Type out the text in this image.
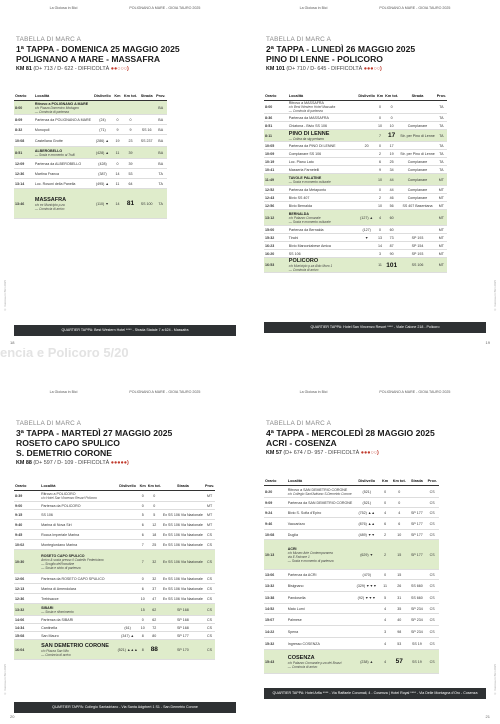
La Gioiosa in Bici	POLIGNANO A MARE - GIOIA TAURO 2025
TABELLA DI MARC A
1ª TAPPA - DOMENICA 25 MAGGIO 2025
POLIGNANO A MARE - MASSAFRA
KM 81 (D+ 713 / D- 622 - DIFFICOLTÀ ●●○○○)
Orario	Località	Dislivello	Km	Km tot.	Strada	Prov.
8:00	Ritrovo a POLIGNANO A MARE
c/o Piazza Domenico Modugno
— Comincia di partenza					BA
8:09	Partenza da POLIGNANO A MARE	(24)	0	0		BA
8:32	Monopoli	(71)	9	9	SS 16	BA
10:08	Castellana Grotte	(286) ▲	19	23	SS 237	BA
8:51	ALBEROBELLO
— Sosta e momento ai Trulli	(428) ▲	11	39		BA
12:09	Partenza da ALBEROBELLO	(428)	0	39		BA
12:36	Martina Franca	(387)	14	53		TA
13:14	Loc. Rosoni della Panella	(495) ▲	11	64		TA
13:46	MASSAFRA
c/o ex Municipio p.za
— Comincia di arrivo	(110) ▼	14	81	SS 100	TA
QUARTIER TAPPA: Best Western Hotel **** - Strada Statale 7 a 624 - Massafra
18
© Gioiosa in Bici 2025
La Gioiosa in Bici	POLIGNANO A MARE - GIOIA TAURO 2025
TABELLA DI MARC A
2ª TAPPA - LUNEDÌ 26 MAGGIO 2025
PINO DI LENNE - POLICORO
KM 101 (D+ 710 / D- 645 - DIFFICOLTÀ ●●●○○)
Orario	Località	Dislivello	Km	Km tot.	Strada	Prov.
8:00	Ritrovo a MASSAFRA
c/o Best Western Hotel Massafra
— Comincia di partenza		0	0		TA
8:36	Partenza da MASSAFRA		0	0		TA
8:51	Chiatona - Bivio SS 106		10	10	Complanare	TA
8:11	PINO DI LENNE
— Colina da stg pertamo		7	17	Str. per Pino di Lenne	TA
10:05	Partenza da PINO DI LENNE	20	0	17		TA
10:09	Complanare SS 106		2	19	Str. per Pino di Lenne	TA
10:19	Loc. Pianu Lato		6	25	Complanare	TA
10:41	Masseria Farnetelli		9	34	Complanare	TA
11:49	TAVOLE PALATINE
— Sosta e momento culturale		10	44	Complanare	MT
12:52	Partenza da Metaponto		0	44	Complanare	MT
12:43	Bivio SS 407		2	46	Complanare	MT
12:56	Bivio Bernalda		10	56	SS 407 Basentana	MT
13:12	BERNALDA
c/o Palazzo Comunale
— Sosta e momento culturale	(127) ▲	4	60		MT
15:00	Partenza da Bernalda	(127)	0	60		MT
15:32	Tinchi	▼	13	73	SP 193	MT
16:23	Bivio Marconiabese Amica		14	87	SP 154	MT
16:20	SS 106		3	90	SP 193	MT
16:53	POLICORO
c/o Municipio p.za Aldo Moro 1
— Comincia di arrivo		11	101	SS 106	MT
QUARTIER TAPPA: Hotel San Vincenzo Resort **** - Viale Calone 218 - Policoro
19
© Gioiosa in Bici 2025
encia e Policoro 5/20
La Gioiosa in Bici	POLIGNANO A MARE - GIOIA TAURO 2025
TABELLA DI MARC A
3ª TAPPA - MARTEDÌ 27 MAGGIO 2025
ROSETO CAPO SPULICO
S. DEMETRIO CORONE
KM 88 (D+ 597 / D- 109 - DIFFICOLTÀ ●●●●●)
Orario	Località	Dislivello	Km	Km tot.	Strada	Prov.
8:39	Ritrovo a POLICORO
c/o Hotel San Vincenzo Resort Policoro		0	0		MT
9:00	Partenza da POLICORO		0	0		MT
9:15	SS 106		5	5	Ex SS 106 Via Nazionale	MT
9:40	Marina di Nova Siri		6	12	Ex SS 106 Via Nazionale	MT
9:45	Rocca Imperiale Marina		6	18	Ex SS 106 Via Nazionale	CS
10:02	Montegiordano Marina		7	25	Ex SS 106 Via Nazionale	CS
10:30	ROSETO CAPO SPULICO
Arrivo & sosta presso il Castello Federiciano
— Scoglio dell'Incudine
— Sosta e stoto di partenza		7	32	Ex SS 106 Via Nazionale	CS
12:06	Partenza da ROSETO CAPO SPULICO		0	32	Ex SS 106 Via Nazionale	CS
12:13	Marina di Amendolara		6	37	Ex SS 106 Via Nazionale	CS
12:36	Trebisacce		10	47	Ex SS 106 Via Nazionale	CS
13:32	SIBARI
— Sosta e rifornimento		15	62	SP 168	CS
14:06	Partenza da SIBARI		0	62	SP 168	CS
14:34	Cantinella	(61)	10	72	SP 168	CS
15:08	San Mauro	(347) ▲	8	80	SP 177	CS
16:04	SAN DEMETRIO CORONE
c/o Piazza San Nilo
— Comincia di arrivo	(521) ▲▲▲	8	88	SP 170	CS
QUARTIER TAPPA: Collegio Santadriano - Via Santa Adgrbert 1 S1 - San Demetrio Corone
20
© Gioiosa in Bici 2025
La Gioiosa in Bici	POLIGNANO A MARE - GIOIA TAURO 2025
TABELLA DI MARC A
4ª TAPPA - MERCOLEDÌ 28 MAGGIO 2025
ACRI - COSENZA
KM 57 (D+ 674 / D- 957 - DIFFICOLTÀ ●●●○○)
Orario	Località	Dislivello	Km	Km tot.	Strada	Prov.
8:20	Ritrovo a SAN DEMETRIO CORONE
c/o Collegio Sant'Adriano S.Demetrio Corone	(521)	0	0		CS
9:09	Partenza da SAN DEMETRIO CORONE	(521)	0	0		CS
9:24	Bivio S. Sofia d'Epiro	(752) ▲▲	4	4	SP 177	CS
9:46	Vaccarizzo	(876) ▲▲	6	6	SP 177	CS
10:08	Duglia	(489) ▼▼	2	10	SP 177	CS
10:13	ACRI
c/o Museo Arte Contemporanea
via E.Falcone 1
— Sosta e momento di partenza	(629) ▼	2	15	SP 177	CS
13:06	Partenza da ACRI	(470)	0	15		CS
13:32	Bisignano	(329) ▼▼▼	11	26	SS 660	CS
13:38	Pandosella	(92) ▼▼▼	5	31	SS 660	CS
14:52	Mato Lumi		4	35	SP 234	CS
15:07	Palmese		4	40	SP 234	CS
14:22	Spena		3	98	SP 234	CS
15:32	Ingresso COSENZA		4	53	SS 19	CS
15:43	COSENZA
c/o Palazzo Comunale p.za dei Bruzzi
— Comincia di arrivo	(238) ▲	4	57	SS 19	CS
QUARTIER TAPPA: Hotel Arfla **** - Via Raffaele Corumali, 4 - Cosenza | Hotel Royal **** - Via Delle Montagna d'Oro - Cosenza
21
© Gioiosa in Bici 2025
